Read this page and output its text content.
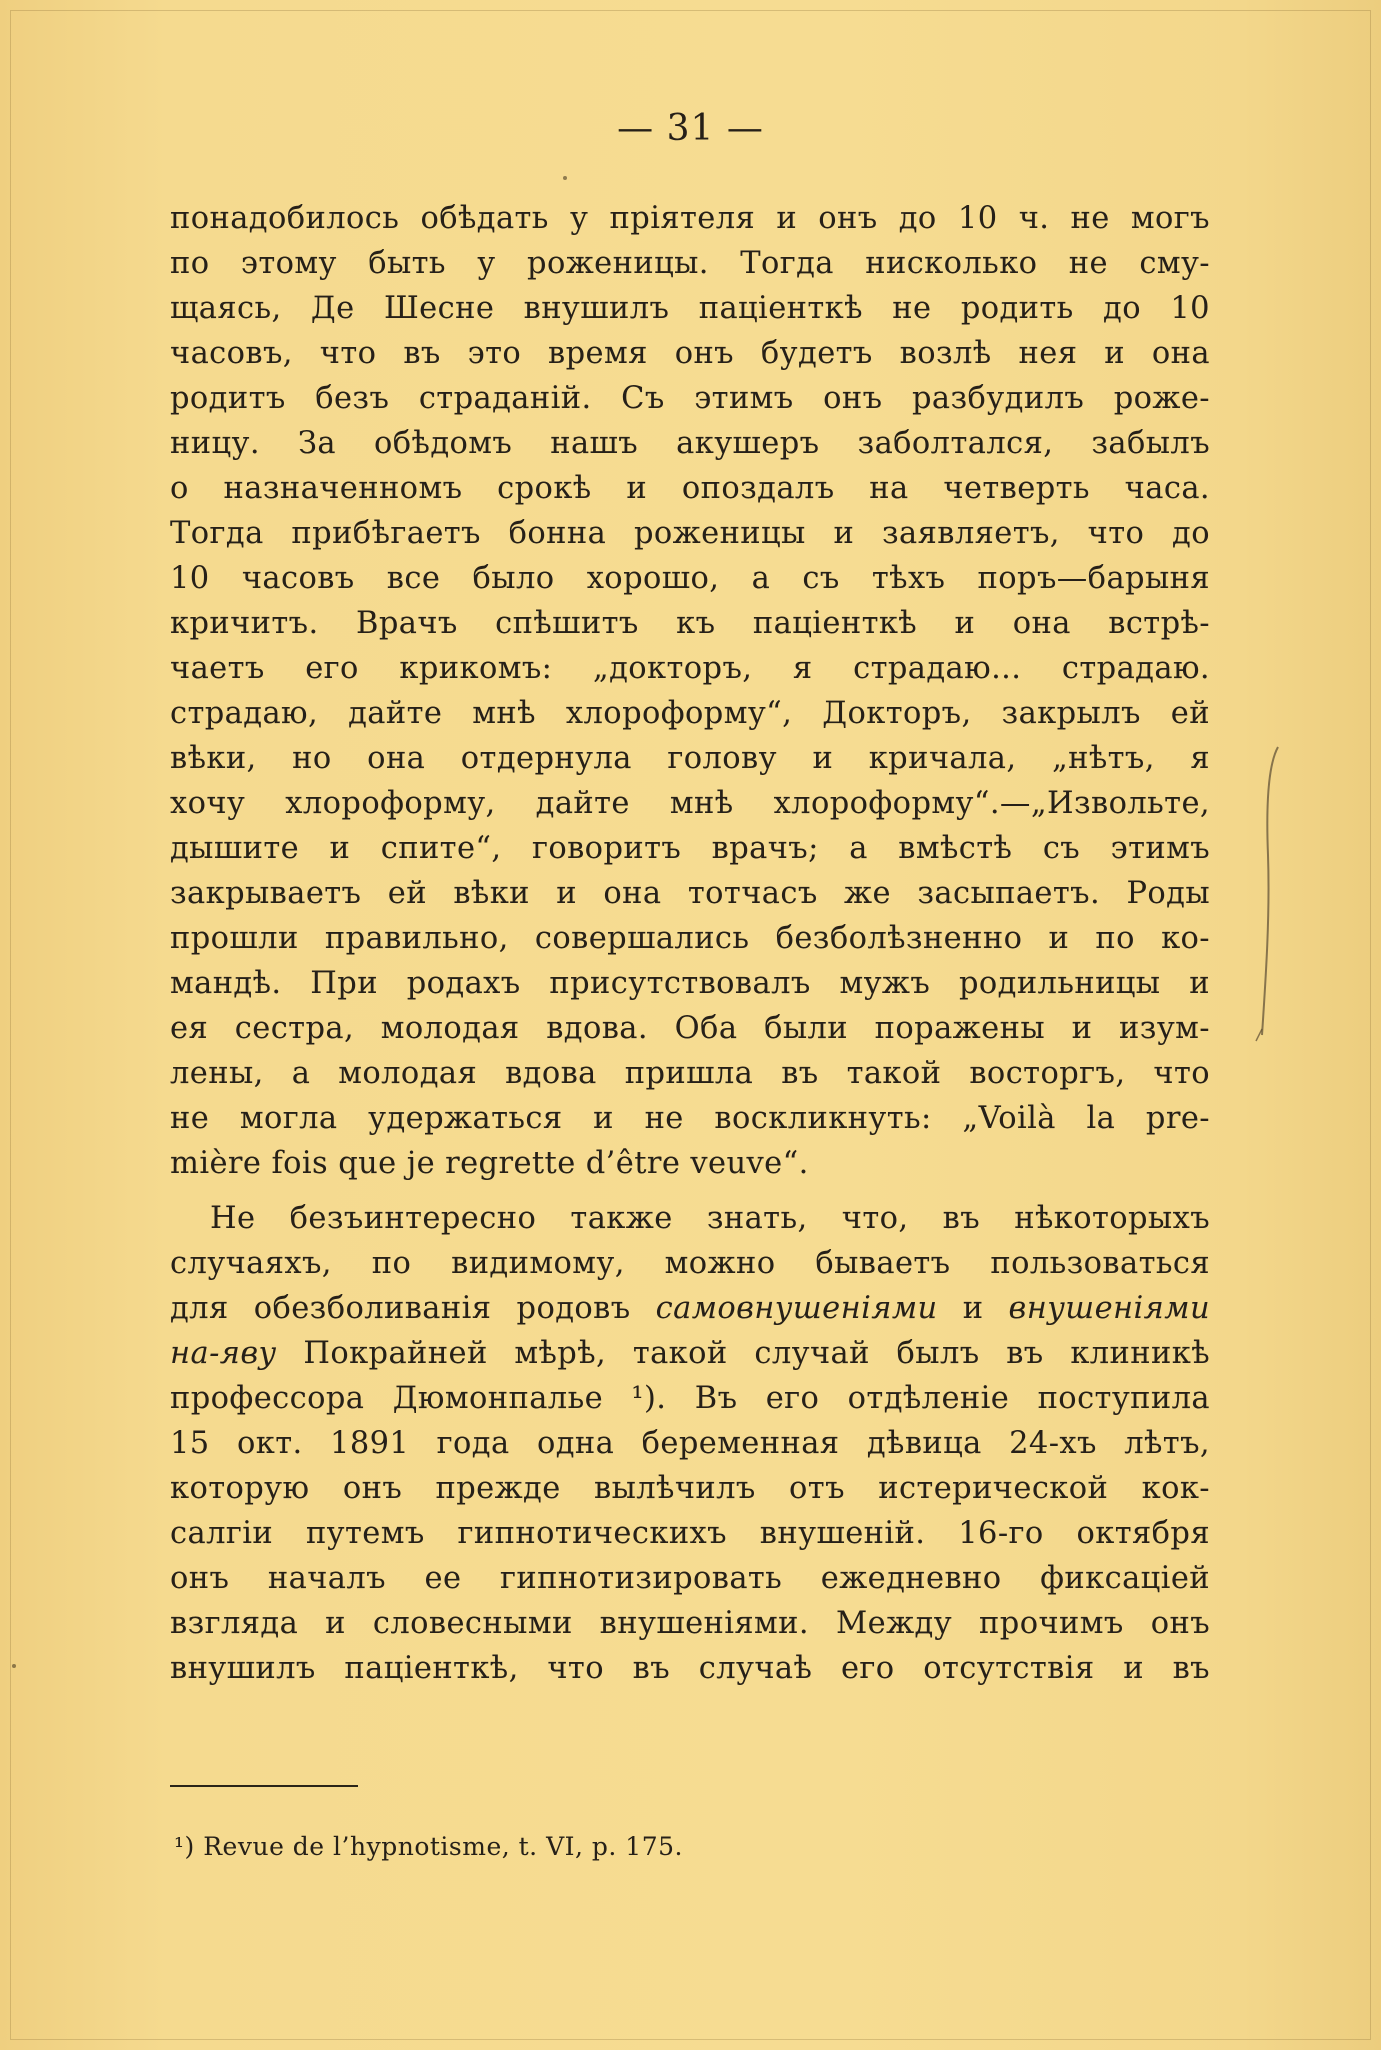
— 31 —
понадобилось обѣдать у пріятеля и онъ до 10 ч. не могъ
по этому быть у роженицы. Тогда нисколько не сму-
щаясь, Де Шесне внушилъ паціенткѣ не родить до 10
часовъ, что въ это время онъ будетъ возлѣ нея и она
родитъ безъ страданій. Съ этимъ онъ разбудилъ роже-
ницу. За обѣдомъ нашъ акушеръ заболтался, забылъ
о назначенномъ срокѣ и опоздалъ на четверть часа.
Тогда прибѣгаетъ бонна роженицы и заявляетъ, что до
10 часовъ все было хорошо, а съ тѣхъ поръ—барыня
кричитъ. Врачъ спѣшитъ къ паціенткѣ и она встрѣ-
чаетъ его крикомъ: „докторъ, я страдаю... страдаю.
страдаю, дайте мнѣ хлороформу“, Докторъ, закрылъ ей
вѣки, но она отдернула голову и кричала, „нѣтъ, я
хочу хлороформу, дайте мнѣ хлороформу“.—„Извольте,
дышите и спите“, говоритъ врачъ; а вмѣстѣ съ этимъ
закрываетъ ей вѣки и она тотчасъ же засыпаетъ. Роды
прошли правильно, совершались безболѣзненно и по ко-
мандѣ. При родахъ присутствовалъ мужъ родильницы и
ея сестра, молодая вдова. Оба были поражены и изум-
лены, а молодая вдова пришла въ такой восторгъ, что
не могла удержаться и не воскликнуть: „Voilà la pre-
mière fois que je regrette d’être veuve“.
Не безъинтересно также знать, что, въ нѣкоторыхъ
случаяхъ, по видимому, можно бываетъ пользоваться
для обезболиванія родовъ самовнушеніями и внушеніями
на-яву Покрайней мѣрѣ, такой случай былъ въ клиникѣ
профессора Дюмонпалье ¹). Въ его отдѣленіе поступила
15 окт. 1891 года одна беременная дѣвица 24-хъ лѣтъ,
которую онъ прежде вылѣчилъ отъ истерической кок-
салгіи путемъ гипнотическихъ внушеній. 16-го октября
онъ началъ ее гипнотизировать ежедневно фиксаціей
взгляда и словесными внушеніями. Между прочимъ онъ
внушилъ паціенткѣ, что въ случаѣ его отсутствія и въ
¹) Revue de l’hypnotisme, t. VI, p. 175.
